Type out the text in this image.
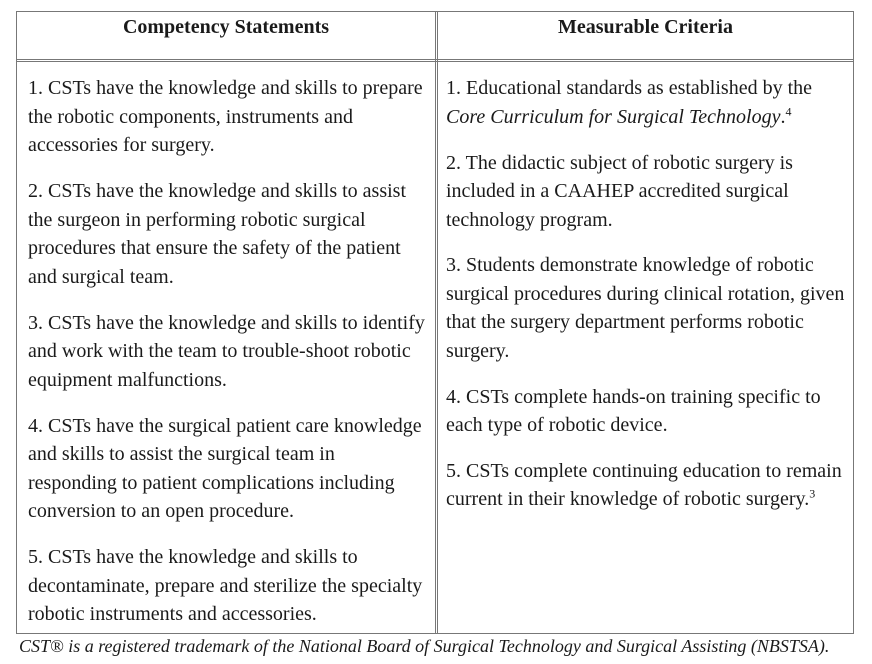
Competency Statements	Measurable Criteria

1. CSTs have the knowledge and skills to prepare the robotic components, instruments and accessories for surgery.

2. CSTs have the knowledge and skills to assist the surgeon in performing robotic surgical procedures that ensure the safety of the patient and surgical team.

3. CSTs have the knowledge and skills to identify and work with the team to trouble-shoot robotic equipment malfunctions.

4. CSTs have the surgical patient care knowledge and skills to assist the surgical team in responding to patient complications including conversion to an open procedure.

5. CSTs have the knowledge and skills to decontaminate, prepare and sterilize the specialty robotic instruments and accessories.

1. Educational standards as established by the Core Curriculum for Surgical Technology.$^4$

2. The didactic subject of robotic surgery is included in a CAAHEP accredited surgical technology program.

3. Students demonstrate knowledge of robotic surgical procedures during clinical rotation, given that the surgery department performs robotic surgery.

4. CSTs complete hands-on training specific to each type of robotic device.

5. CSTs complete continuing education to remain current in their knowledge of robotic surgery.$^3$

CST® is a registered trademark of the National Board of Surgical Technology and Surgical Assisting (NBSTSA).
